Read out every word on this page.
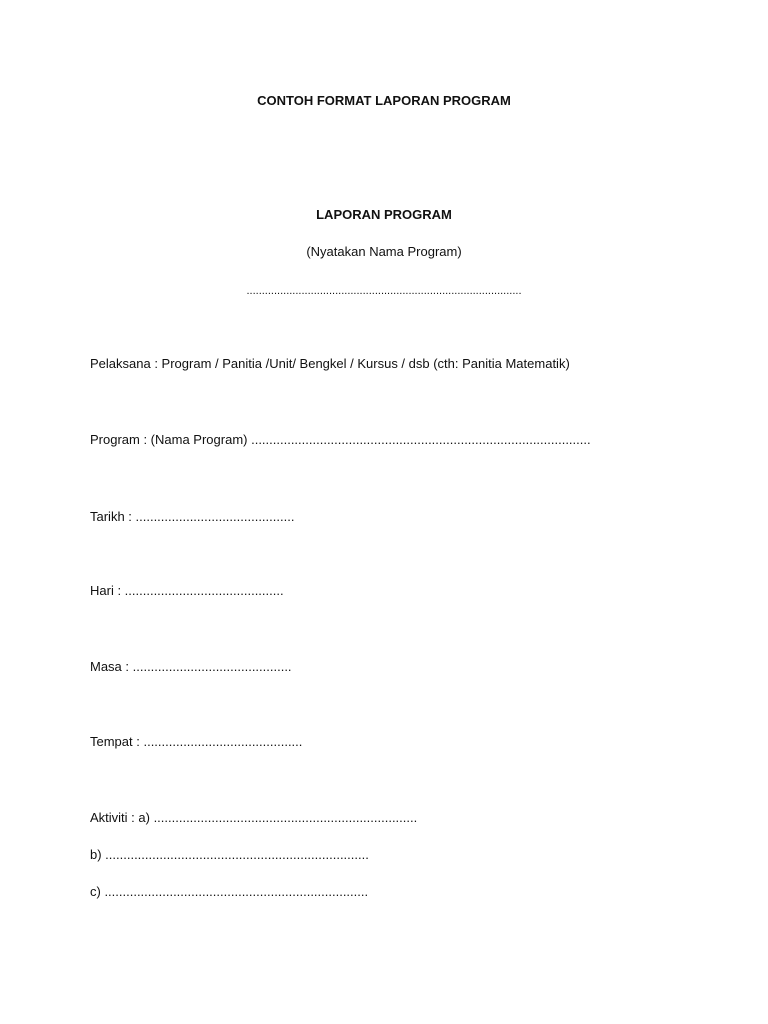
CONTOH FORMAT LAPORAN PROGRAM
LAPORAN PROGRAM
(Nyatakan Nama Program)
..........................................................................................
Pelaksana : Program / Panitia /Unit/ Bengkel / Kursus / dsb (cth: Panitia Matematik)
Program : (Nama Program) ..............................................................................................
Tarikh : ............................................
Hari : ............................................
Masa : ............................................
Tempat : ............................................
Aktiviti : a) .........................................................................
b) .........................................................................
c) .........................................................................
